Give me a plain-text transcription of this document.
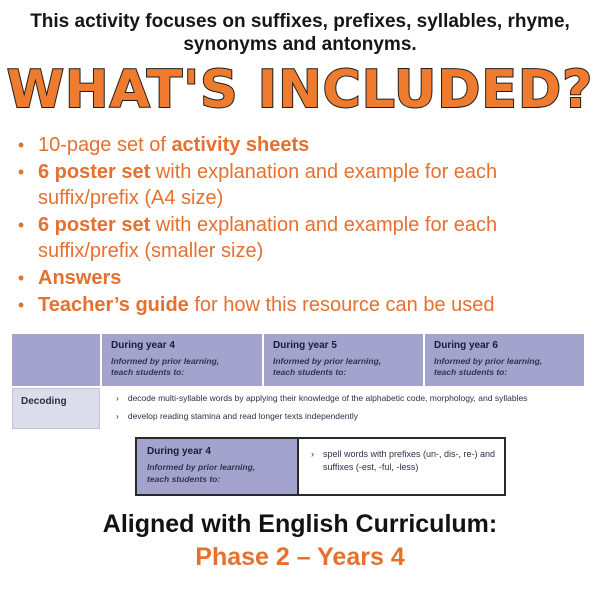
This activity focuses on suffixes, prefixes, syllables, rhyme, synonyms and antonyms.
WHAT'S INCLUDED?
• 10-page set of activity sheets
• 6 poster set with explanation and example for each suffix/prefix (A4 size)
• 6 poster set with explanation and example for each suffix/prefix (smaller size)
• Answers
• Teacher’s guide for how this resource can be used
During year 4
Informed by prior learning, teach students to:
During year 5
Informed by prior learning, teach students to:
During year 6
Informed by prior learning, teach students to:
Decoding	› decode multi-syllable words by applying their knowledge of the alphabetic code, morphology, and syllables
› develop reading stamina and read longer texts independently
During year 4
Informed by prior learning, teach students to:
› spell words with prefixes (un-, dis-, re-) and suffixes (-est, -ful, -less)
Aligned with English Curriculum:
Phase 2 – Years 4
